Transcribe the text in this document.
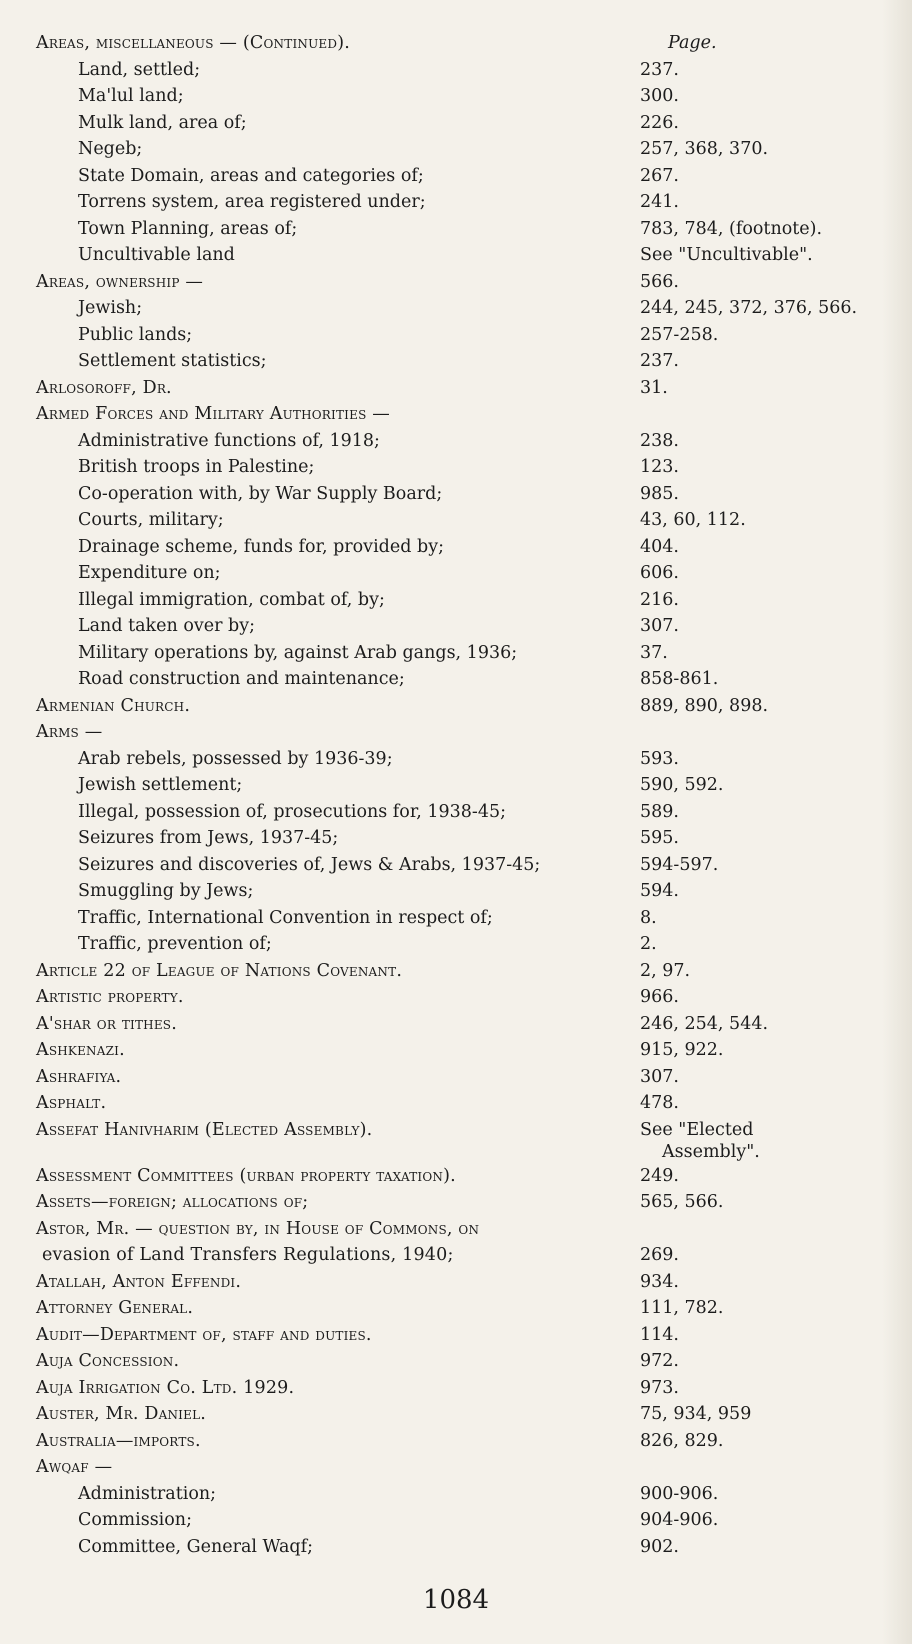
Areas, miscellaneous — (Continued).	Page.
Land, settled;	237.
Ma'lul land;	300.
Mulk land, area of;	226.
Negeb;	257, 368, 370.
State Domain, areas and categories of;	267.
Torrens system, area registered under;	241.
Town Planning, areas of;	783, 784, (footnote).
Uncultivable land	See "Uncultivable".
Areas, ownership —	566.
Jewish;	244, 245, 372, 376, 566.
Public lands;	257-258.
Settlement statistics;	237.
Arlosoroff, Dr.	31.
Armed Forces and Military Authorities —
Administrative functions of, 1918;	238.
British troops in Palestine;	123.
Co-operation with, by War Supply Board;	985.
Courts, military;	43, 60, 112.
Drainage scheme, funds for, provided by;	404.
Expenditure on;	606.
Illegal immigration, combat of, by;	216.
Land taken over by;	307.
Military operations by, against Arab gangs, 1936;	37.
Road construction and maintenance;	858-861.
Armenian Church.	889, 890, 898.
Arms —
Arab rebels, possessed by 1936-39;	593.
Jewish settlement;	590, 592.
Illegal, possession of, prosecutions for, 1938-45;	589.
Seizures from Jews, 1937-45;	595.
Seizures and discoveries of, Jews & Arabs, 1937-45;	594-597.
Smuggling by Jews;	594.
Traffic, International Convention in respect of;	8.
Traffic, prevention of;	2.
Article 22 of League of Nations Covenant.	2, 97.
Artistic property.	966.
A'shar or tithes.	246, 254, 544.
Ashkenazi.	915, 922.
Ashrafiya.	307.
Asphalt.	478.
Assefat Hanivharim (Elected Assembly).	See "Elected
Assembly".
Assessment Committees (urban property taxation).	249.
Assets—foreign; allocations of;	565, 566.
Astor, Mr. — question by, in House of Commons, on
evasion of Land Transfers Regulations, 1940;	269.
Atallah, Anton Effendi.	934.
Attorney General.	111, 782.
Audit—Department of, staff and duties.	114.
Auja Concession.	972.
Auja Irrigation Co. Ltd. 1929.	973.
Auster, Mr. Daniel.	75, 934, 959
Australia—imports.	826, 829.
Awqaf —
Administration;	900-906.
Commission;	904-906.
Committee, General Waqf;	902.
1084
